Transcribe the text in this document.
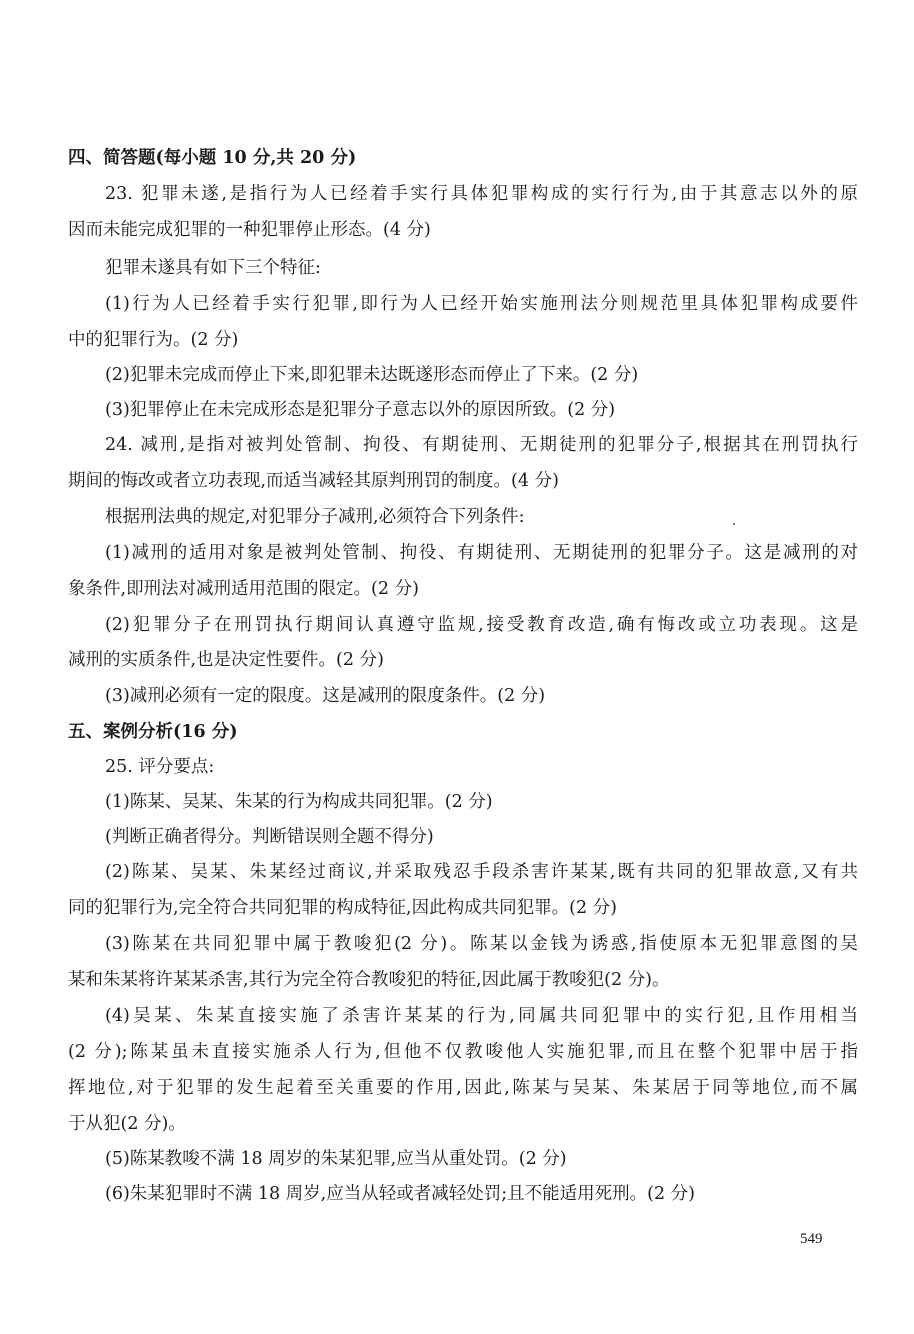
四、简答题(每小题 10 分,共 20 分)
23. 犯罪未遂,是指行为人已经着手实行具体犯罪构成的实行行为,由于其意志以外的原
因而未能完成犯罪的一种犯罪停止形态。(4 分)
犯罪未遂具有如下三个特征:
(1)行为人已经着手实行犯罪,即行为人已经开始实施刑法分则规范里具体犯罪构成要件
中的犯罪行为。(2 分)
(2)犯罪未完成而停止下来,即犯罪未达既遂形态而停止了下来。(2 分)
(3)犯罪停止在未完成形态是犯罪分子意志以外的原因所致。(2 分)
24. 减刑,是指对被判处管制、拘役、有期徒刑、无期徒刑的犯罪分子,根据其在刑罚执行
期间的悔改或者立功表现,而适当减轻其原判刑罚的制度。(4 分)
根据刑法典的规定,对犯罪分子减刑,必须符合下列条件:
(1)减刑的适用对象是被判处管制、拘役、有期徒刑、无期徒刑的犯罪分子。这是减刑的对
象条件,即刑法对减刑适用范围的限定。(2 分)
(2)犯罪分子在刑罚执行期间认真遵守监规,接受教育改造,确有悔改或立功表现。这是
减刑的实质条件,也是决定性要件。(2 分)
(3)减刑必须有一定的限度。这是减刑的限度条件。(2 分)
五、案例分析(16 分)
25. 评分要点:
(1)陈某、吴某、朱某的行为构成共同犯罪。(2 分)
(判断正确者得分。判断错误则全题不得分)
(2)陈某、吴某、朱某经过商议,并采取残忍手段杀害许某某,既有共同的犯罪故意,又有共
同的犯罪行为,完全符合共同犯罪的构成特征,因此构成共同犯罪。(2 分)
(3)陈某在共同犯罪中属于教唆犯(2 分)。陈某以金钱为诱惑,指使原本无犯罪意图的吴
某和朱某将许某某杀害,其行为完全符合教唆犯的特征,因此属于教唆犯(2 分)。
(4)吴某、朱某直接实施了杀害许某某的行为,同属共同犯罪中的实行犯,且作用相当
(2 分);陈某虽未直接实施杀人行为,但他不仅教唆他人实施犯罪,而且在整个犯罪中居于指
挥地位,对于犯罪的发生起着至关重要的作用,因此,陈某与吴某、朱某居于同等地位,而不属
于从犯(2 分)。
(5)陈某教唆不满 18 周岁的朱某犯罪,应当从重处罚。(2 分)
(6)朱某犯罪时不满 18 周岁,应当从轻或者减轻处罚;且不能适用死刑。(2 分)
549
